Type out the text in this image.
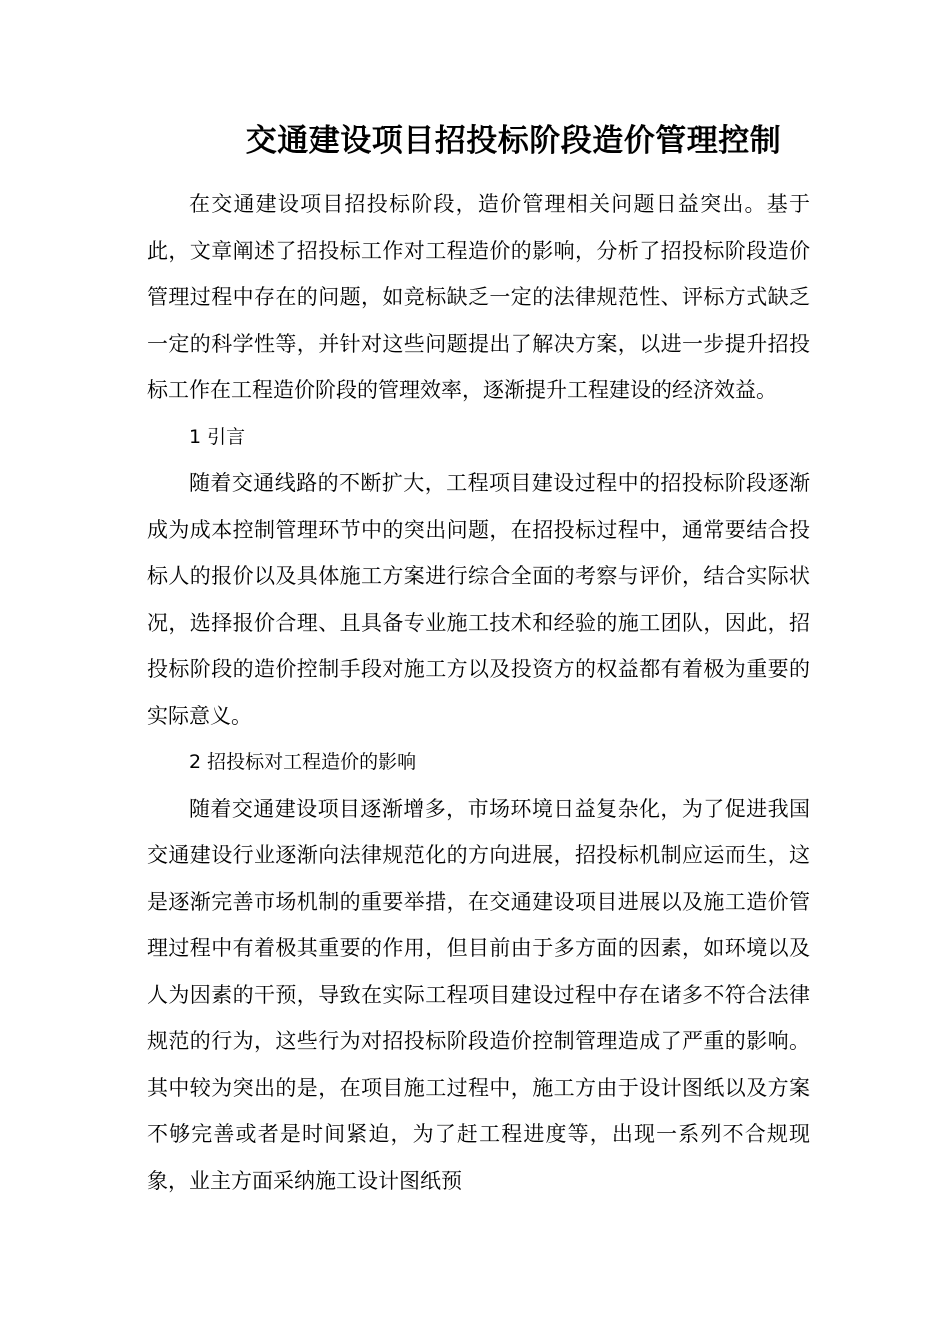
交通建设项目招投标阶段造价管理控制

在交通建设项目招投标阶段，造价管理相关问题日益突出。基于此，文章阐述了招投标工作对工程造价的影响，分析了招投标阶段造价管理过程中存在的问题，如竞标缺乏一定的法律规范性、评标方式缺乏一定的科学性等，并针对这些问题提出了解决方案，以进一步提升招投标工作在工程造价阶段的管理效率，逐渐提升工程建设的经济效益。

1 引言

随着交通线路的不断扩大，工程项目建设过程中的招投标阶段逐渐成为成本控制管理环节中的突出问题，在招投标过程中，通常要结合投标人的报价以及具体施工方案进行综合全面的考察与评价，结合实际状况，选择报价合理、且具备专业施工技术和经验的施工团队，因此，招投标阶段的造价控制手段对施工方以及投资方的权益都有着极为重要的实际意义。

2 招投标对工程造价的影响

随着交通建设项目逐渐增多，市场环境日益复杂化，为了促进我国交通建设行业逐渐向法律规范化的方向进展，招投标机制应运而生，这是逐渐完善市场机制的重要举措，在交通建设项目进展以及施工造价管理过程中有着极其重要的作用，但目前由于多方面的因素，如环境以及人为因素的干预，导致在实际工程项目建设过程中存在诸多不符合法律规范的行为，这些行为对招投标阶段造价控制管理造成了严重的影响。其中较为突出的是，在项目施工过程中，施工方由于设计图纸以及方案不够完善或者是时间紧迫，为了赶工程进度等，出现一系列不合规现象，业主方面采纳施工设计图纸预
